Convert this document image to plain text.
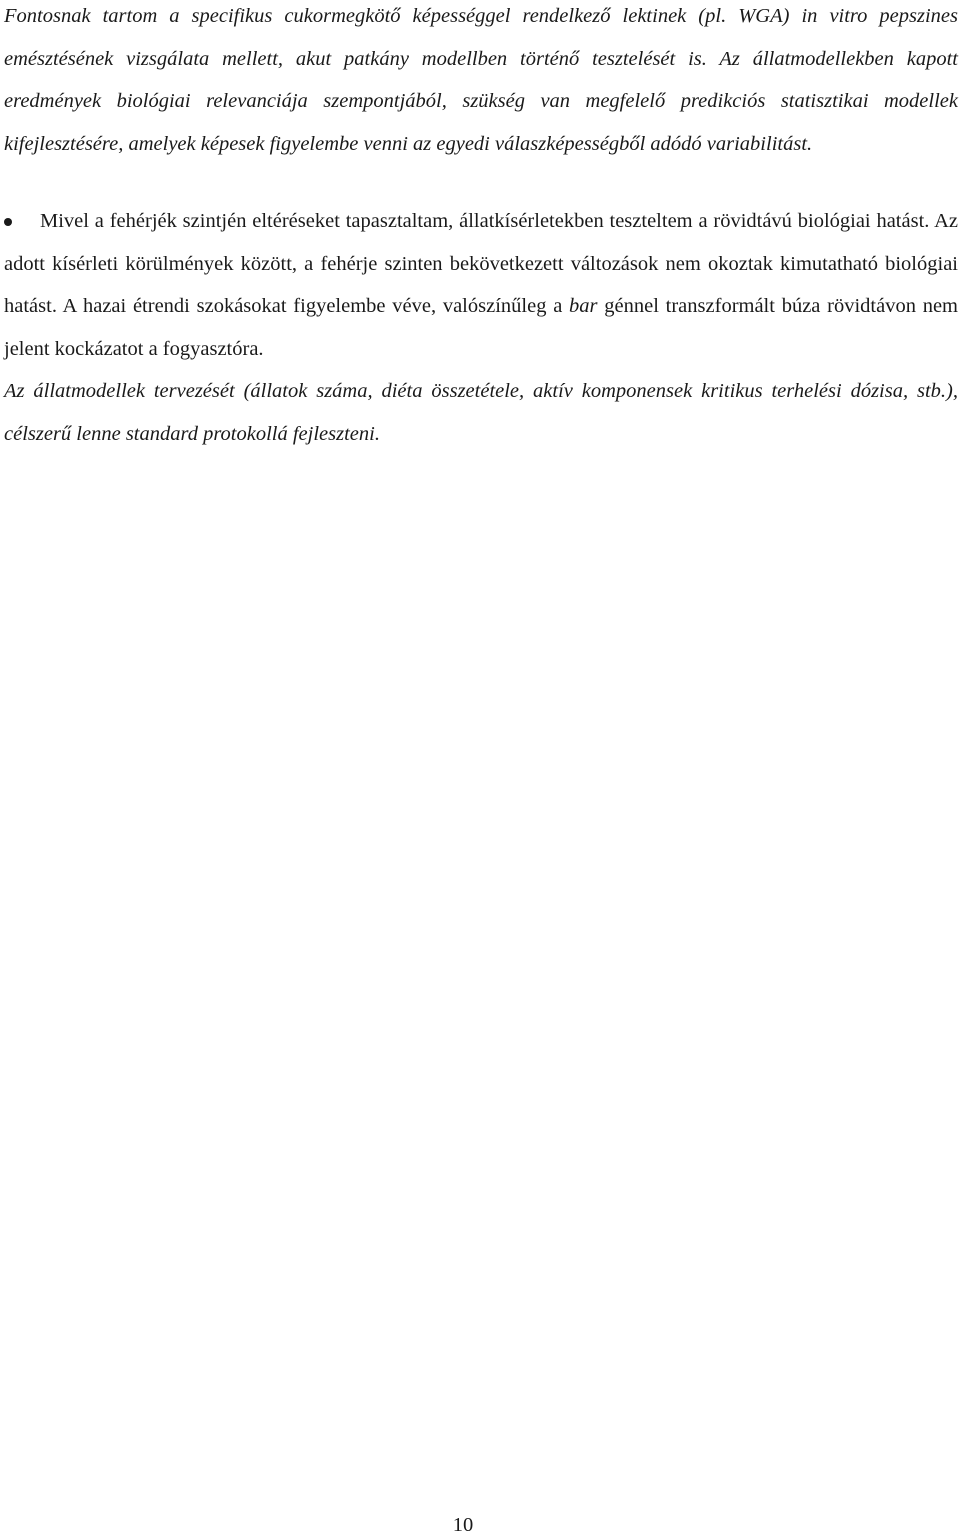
Fontosnak tartom a specifikus cukormegkötő képességgel rendelkező lektinek (pl. WGA) in vitro pepszines emésztésének vizsgálata mellett, akut patkány modellben történő tesztelését is. Az állatmodellekben kapott eredmények biológiai relevanciája szempontjából, szükség van megfelelő predikciós statisztikai modellek kifejlesztésére, amelyek képesek figyelembe venni az egyedi válaszképességből adódó variabilitást.

Mivel a fehérjék szintjén eltéréseket tapasztaltam, állatkísérletekben teszteltem a rövidtávú biológiai hatást. Az adott kísérleti körülmények között, a fehérje szinten bekövetkezett változások nem okoztak kimutatható biológiai hatást. A hazai étrendi szokásokat figyelembe véve, valószínűleg a bar génnel transzformált búza rövidtávon nem jelent kockázatot a fogyasztóra.

Az állatmodellek tervezését (állatok száma, diéta összetétele, aktív komponensek kritikus terhelési dózisa, stb.), célszerű lenne standard protokollá fejleszteni.

10
